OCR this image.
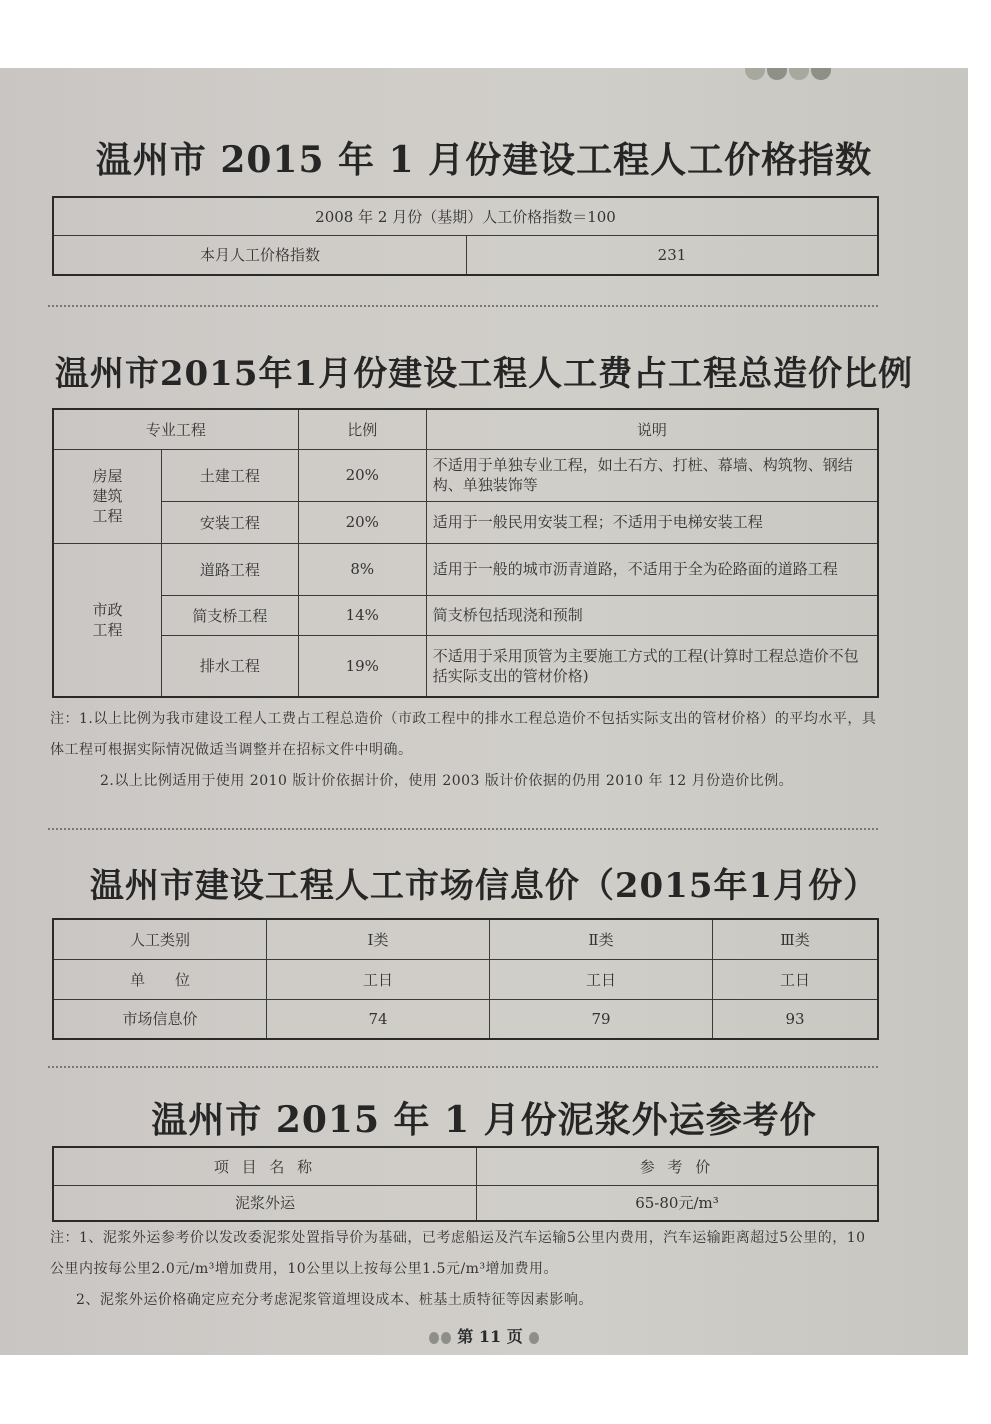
温州市 2015 年 1 月份建设工程人工价格指数
2008 年 2 月份（基期）人工价格指数＝100
本月人工价格指数	231
温州市2015年1月份建设工程人工费占工程总造价比例
专业工程		比例	说明
房屋
建筑
工程	土建工程	20%	不适用于单独专业工程，如土石方、打桩、幕墙、构筑物、钢结构、单独装饰等
	安装工程	20%	适用于一般民用安装工程；不适用于电梯安装工程
市政
工程	道路工程	8%	适用于一般的城市沥青道路，不适用于全为砼路面的道路工程
	简支桥工程	14%	简支桥包括现浇和预制
	排水工程	19%	不适用于采用顶管为主要施工方式的工程(计算时工程总造价不包括实际支出的管材价格)

注：1.以上比例为我市建设工程人工费占工程总造价（市政工程中的排水工程总造价不包括实际支出的管材价格）的平均水平，具体工程可根据实际情况做适当调整并在招标文件中明确。

2.以上比例适用于使用 2010 版计价依据计价，使用 2003 版计价依据的仍用 2010 年 12 月份造价比例。

温州市建设工程人工市场信息价（2015年1月份）
人工类别	Ⅰ类	Ⅱ类	Ⅲ类
单　　位	工日	工日	工日
市场信息价	74	79	93
温州市 2015 年 1 月份泥浆外运参考价
项 目 名 称	参 考 价
泥浆外运	65-80元/m³

注：1、泥浆外运参考价以发改委泥浆处置指导价为基础，已考虑船运及汽车运输5公里内费用，汽车运输距离超过5公里的，10公里内按每公里2.0元/m³增加费用，10公里以上按每公里1.5元/m³增加费用。

2、泥浆外运价格确定应充分考虑泥浆管道埋设成本、桩基土质特征等因素影响。

第 11 页
